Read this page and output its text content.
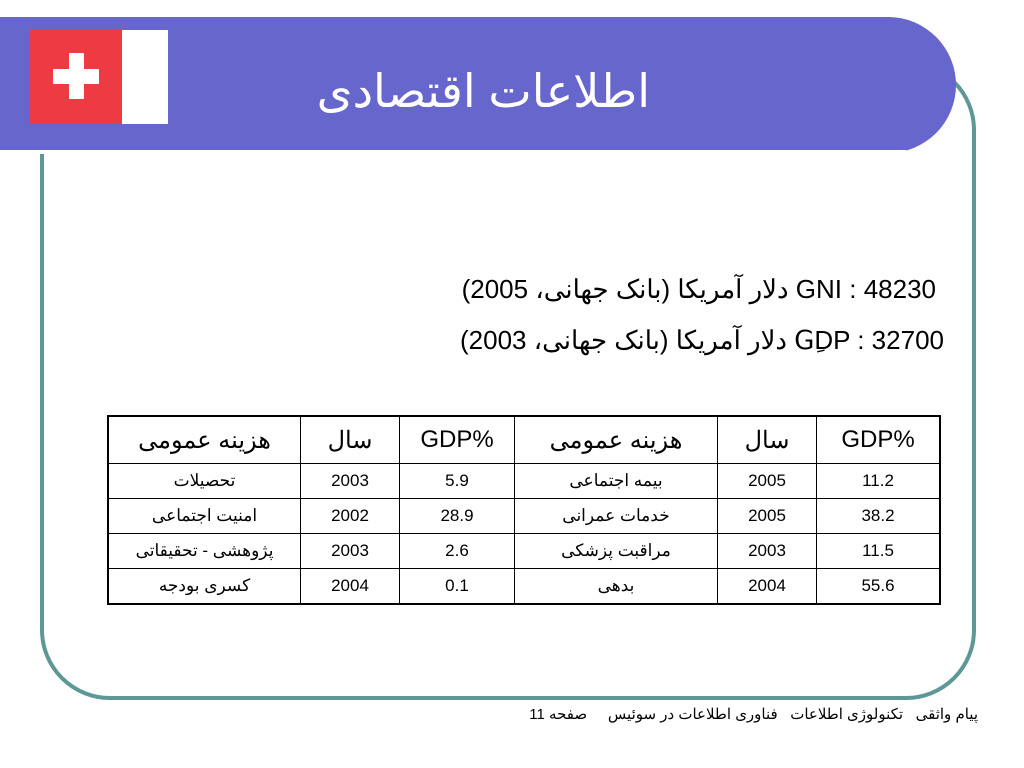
اطلاعات اقتصادی
GNI : 48230 دلار آمریکا (بانک جهانی، 2005)
GِDP : 32700 دلار آمریکا (بانک جهانی، 2003)
%GDP	سال	هزینه عمومی	%GDP	سال	هزینه عمومی
11.2	2005	بیمه اجتماعی	5.9	2003	تحصیلات
38.2	2005	خدمات عمرانی	28.9	2002	امنیت اجتماعی
11.5	2003	مراقبت پزشکی	2.6	2003	پژوهشی - تحقیقاتی
55.6	2004	بدهی	0.1	2004	کسری بودجه
پیام واثقی   تکنولوژی اطلاعات   فناوری اطلاعات در سوئیس     صفحه 11
